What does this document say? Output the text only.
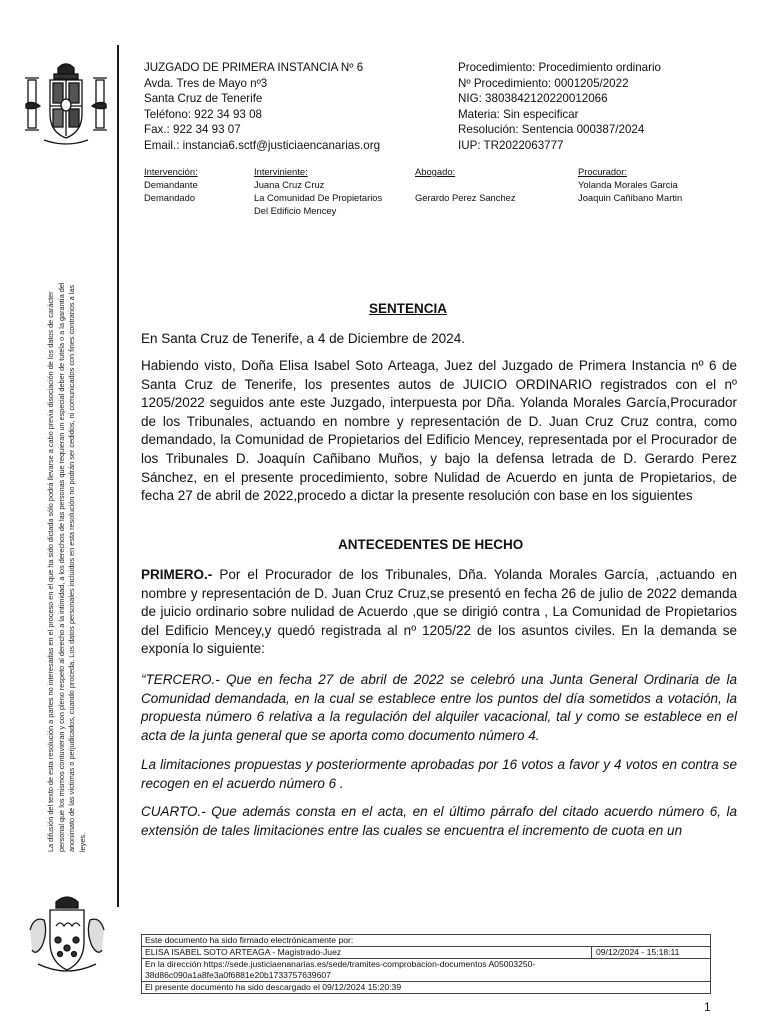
La difusión del texto de esta resolución a partes no interesadas en el proceso en el que ha sido dictada sólo podrá llevarse a cabo previa disociación de los datos de carácter personal que los mismos contuvieran y con pleno respeto al derecho a la intimidad, a los derechos de las personas que requieran un especial deber de tutela o a la garantía del anonimato de las víctimas o perjudicados, cuando proceda. Los datos personales incluidos en esta resolución no podrán ser cedidos, ni comunicados con fines contrarios a las leyes.
JUZGADO DE PRIMERA INSTANCIA Nº 6
Avda. Tres de Mayo nº3
Santa Cruz de Tenerife
Teléfono: 922 34 93 08
Fax.: 922 34 93 07
Email.: instancia6.sctf@justiciaencanarias.org
Procedimiento: Procedimiento ordinario
Nº Procedimiento: 0001205/2022
NIG: 3803842120220012066
Materia: Sin especificar
Resolución: Sentencia 000387/2024
IUP: TR2022063777
Intervención:
Demandante
Demandado
Interviniente:
Juana Cruz Cruz
La Comunidad De Propietarios
Del Edificio Mencey
Abogado:

Gerardo Perez Sanchez
Procurador:
Yolanda Morales Garcia
Joaquin Cañibano Martin
SENTENCIA
En Santa Cruz de Tenerife, a 4 de Diciembre de 2024.
Habiendo visto, Doña Elisa Isabel Soto Arteaga, Juez del Juzgado de Primera Instancia nº 6 de Santa Cruz de Tenerife, los presentes autos de JUICIO ORDINARIO registrados con el nº 1205/2022 seguidos ante este Juzgado, interpuesta por Dña. Yolanda Morales García,Procurador de los Tribunales, actuando en nombre y representación de D. Juan Cruz Cruz contra, como demandado, la Comunidad de Propietarios del Edificio Mencey, representada por el Procurador de los Tribunales D. Joaquín Cañibano Muños, y bajo la defensa letrada de D. Gerardo Perez Sánchez, en el presente procedimiento, sobre Nulidad de Acuerdo en junta de Propietarios, de fecha 27 de abril de 2022,procedo a dictar la presente resolución con base en los siguientes
ANTECEDENTES DE HECHO
PRIMERO.- Por el Procurador de los Tribunales, Dña. Yolanda Morales García, ,actuando en nombre y representación de D. Juan Cruz Cruz,se presentó en fecha 26 de julio de 2022 demanda de juicio ordinario sobre nulidad de Acuerdo ,que se dirigió contra , La Comunidad de Propietarios del Edificio Mencey,y quedó registrada al nº 1205/22 de los asuntos civiles. En la demanda se exponía lo siguiente:
“TERCERO.- Que en fecha 27 de abril de 2022 se celebró una Junta General Ordinaria de la Comunidad demandada, en la cual se establece entre los puntos del día sometidos a votación, la propuesta número 6 relativa a la regulación del alquiler vacacional, tal y como se establece en el acta de la junta general que se aporta como documento número 4.
La limitaciones propuestas y posteriormente aprobadas por 16 votos a favor y 4 votos en contra se recogen en el acuerdo número 6 .
CUARTO.- Que además consta en el acta, en el último párrafo del citado acuerdo número 6, la extensión de tales limitaciones entre las cuales se encuentra el incremento de cuota en un
Este documento ha sido firmado electrónicamente por:
ELISA ISABEL SOTO ARTEAGA - Magistrado-Juez	09/12/2024 - 15:18:11
En la dirección https://sede.justiciaenanarias.es/sede/tramites-comprobacion-documentos A05003250-38d86c090a1a8fe3a0f6881e20b1733757639607
El presente documento ha sido descargado el 09/12/2024 15:20:39
1
